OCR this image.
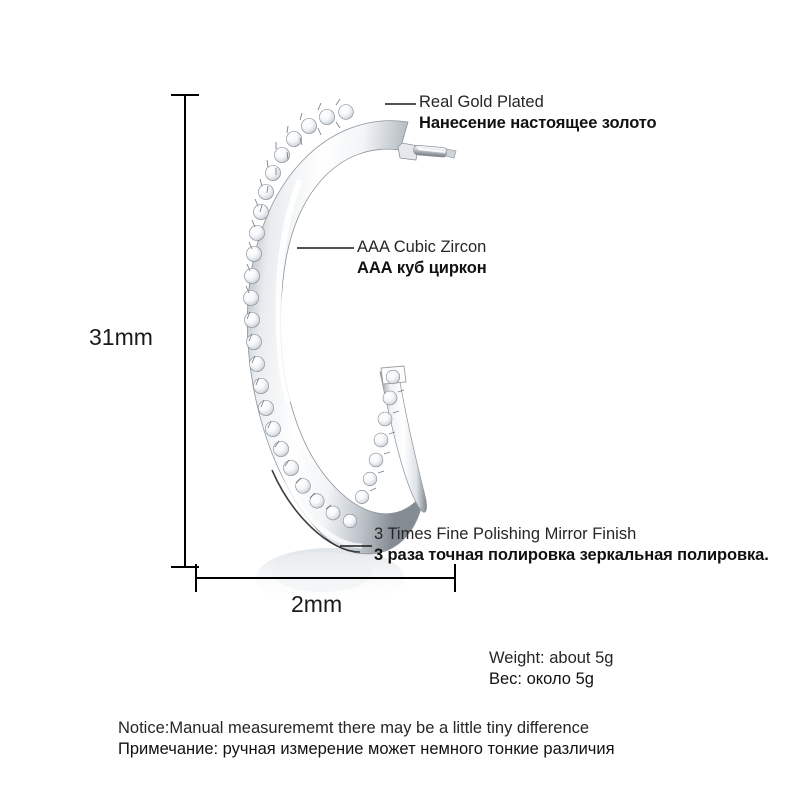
Real Gold Plated
Нанесение настоящее золото
AAA Cubic Zircon
ААА куб циркон
3 Times Fine Polishing Mirror Finish
3 раза точная полировка зеркальная полировка.
31mm
2mm
Weight: about 5g
Вес: около 5g
Notice:Manual measurememt there may be a little tiny difference
Примечание: ручная измерение может немного тонкие различия
